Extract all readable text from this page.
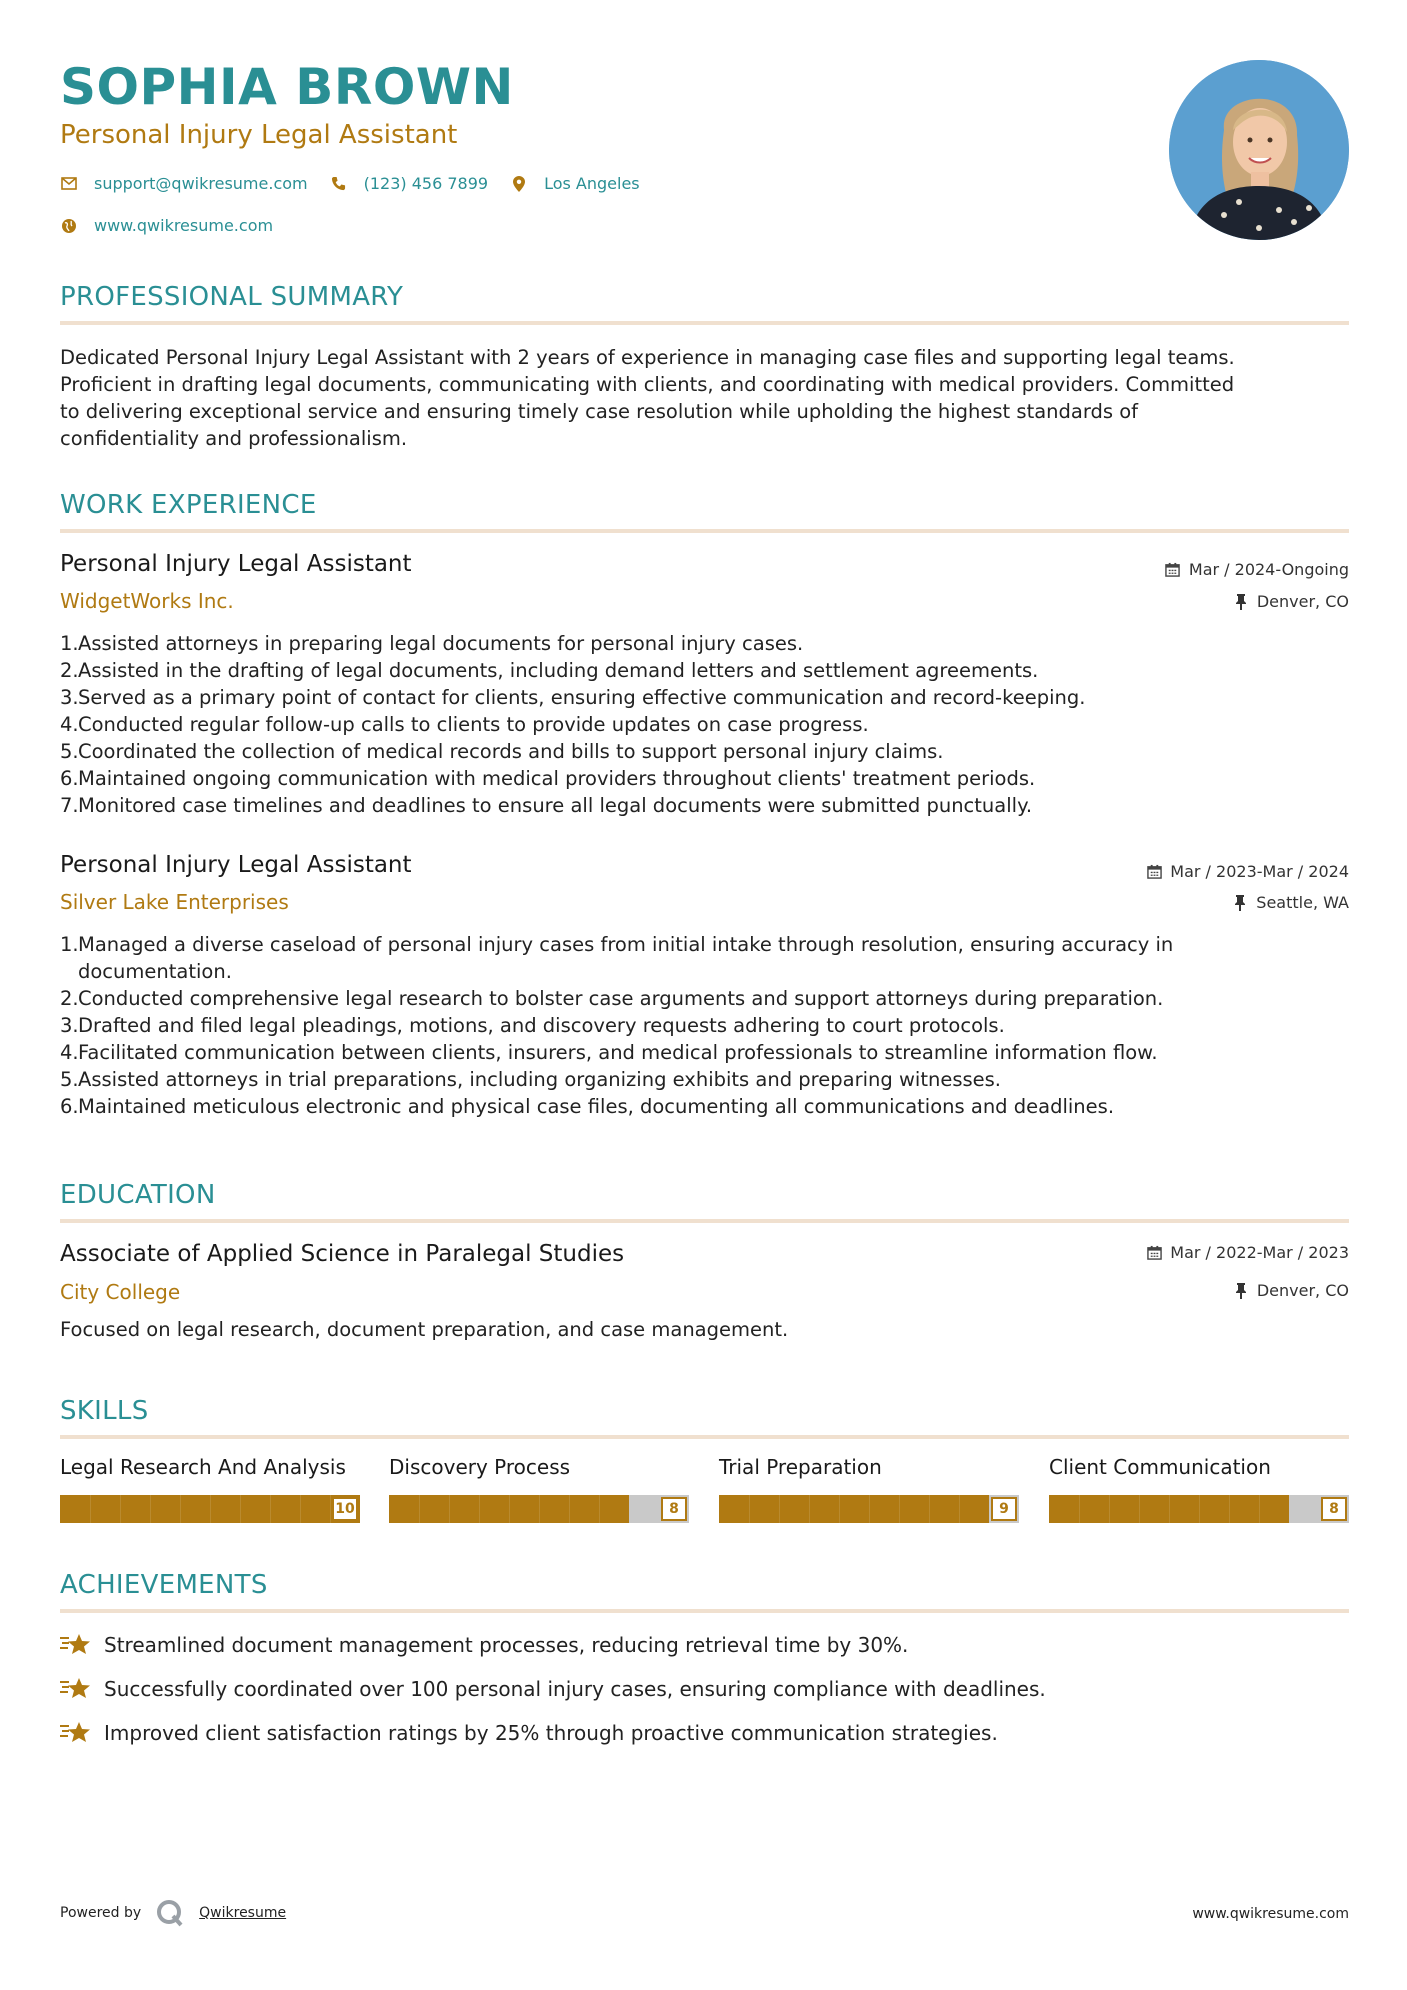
SOPHIA BROWN
Personal Injury Legal Assistant
support@qwikresume.com	(123) 456 7899	Los Angeles
www.qwikresume.com
PROFESSIONAL SUMMARY
Dedicated Personal Injury Legal Assistant with 2 years of experience in managing case files and supporting legal teams.
Proficient in drafting legal documents, communicating with clients, and coordinating with medical providers. Committed
to delivering exceptional service and ensuring timely case resolution while upholding the highest standards of
confidentiality and professionalism.
WORK EXPERIENCE
Personal Injury Legal Assistant
WidgetWorks Inc.
Mar / 2024-Ongoing
Denver, CO
1. Assisted attorneys in preparing legal documents for personal injury cases.
2. Assisted in the drafting of legal documents, including demand letters and settlement agreements.
3. Served as a primary point of contact for clients, ensuring effective communication and record-keeping.
4. Conducted regular follow-up calls to clients to provide updates on case progress.
5. Coordinated the collection of medical records and bills to support personal injury claims.
6. Maintained ongoing communication with medical providers throughout clients' treatment periods.
7. Monitored case timelines and deadlines to ensure all legal documents were submitted punctually.
Personal Injury Legal Assistant
Silver Lake Enterprises
Mar / 2023-Mar / 2024
Seattle, WA
1. Managed a diverse caseload of personal injury cases from initial intake through resolution, ensuring accuracy in
documentation.
2. Conducted comprehensive legal research to bolster case arguments and support attorneys during preparation.
3. Drafted and filed legal pleadings, motions, and discovery requests adhering to court protocols.
4. Facilitated communication between clients, insurers, and medical professionals to streamline information flow.
5. Assisted attorneys in trial preparations, including organizing exhibits and preparing witnesses.
6. Maintained meticulous electronic and physical case files, documenting all communications and deadlines.
EDUCATION
Associate of Applied Science in Paralegal Studies
City College
Mar / 2022-Mar / 2023
Denver, CO
Focused on legal research, document preparation, and case management.
SKILLS
Legal Research And Analysis
10
Discovery Process
8
Trial Preparation
9
Client Communication
8
ACHIEVEMENTS
Streamlined document management processes, reducing retrieval time by 30%.
Successfully coordinated over 100 personal injury cases, ensuring compliance with deadlines.
Improved client satisfaction ratings by 25% through proactive communication strategies.
Powered by	Qwikresume	www.qwikresume.com
